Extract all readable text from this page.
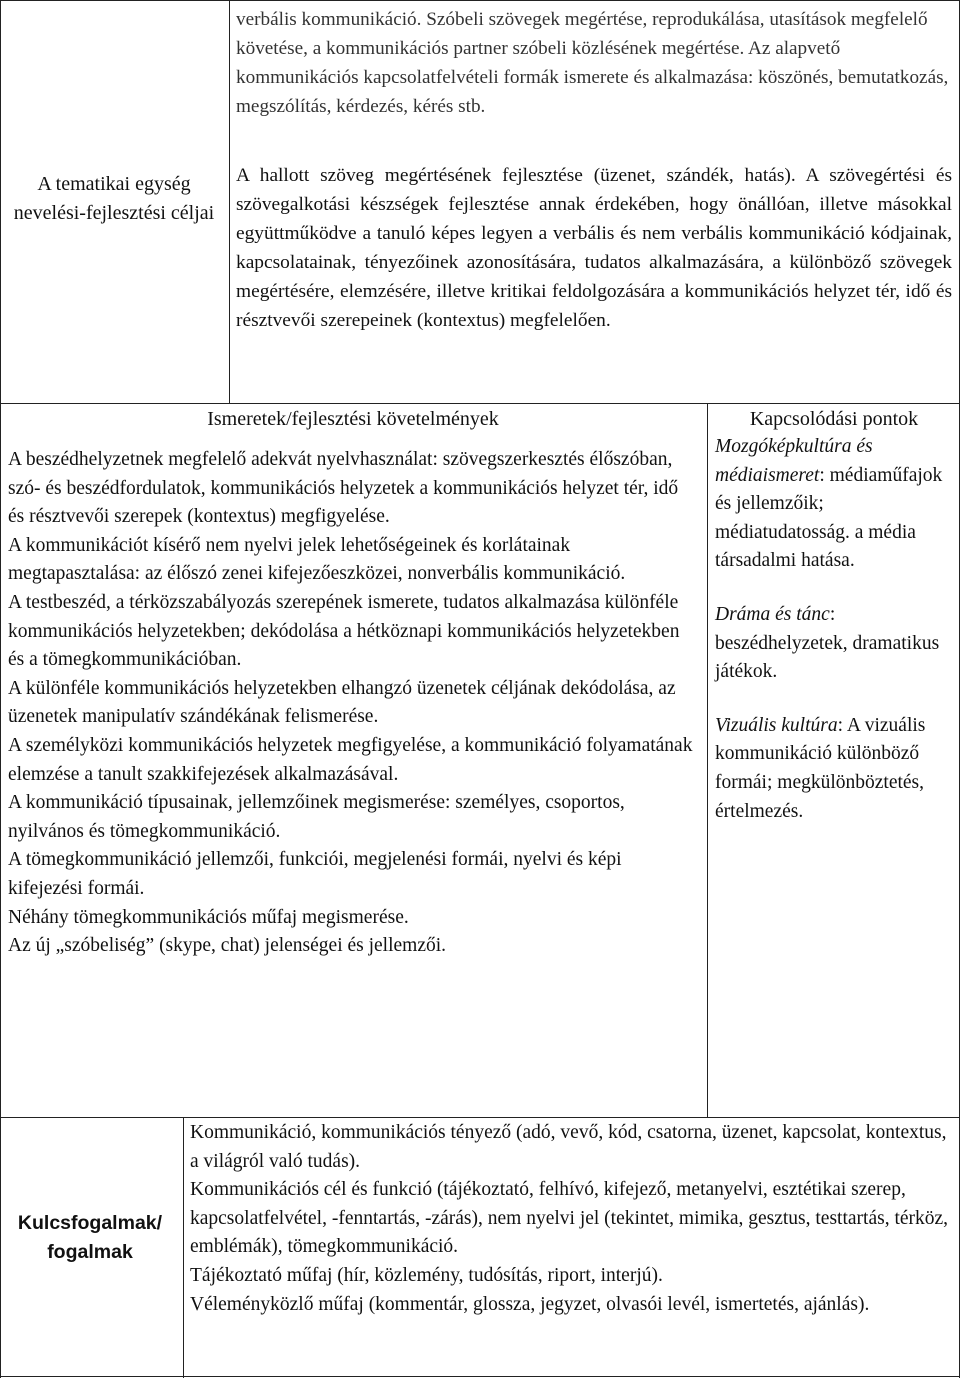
A tematikai egység nevelési-fejlesztési céljai
verbális kommunikáció. Szóbeli szövegek megértése, reprodukálása, utasítások megfelelő követése, a kommunikációs partner szóbeli közlésének megértése. Az alapvető kommunikációs kapcsolatfelvételi formák ismerete és alkalmazása: köszönés, bemutatkozás, megszólítás, kérdezés, kérés stb.
A hallott szöveg megértésének fejlesztése (üzenet, szándék, hatás). A szövegértési és szövegalkotási készségek fejlesztése annak érdekében, hogy önállóan, illetve másokkal együttműködve a tanuló képes legyen a verbális és nem verbális kommunikáció kódjainak, kapcsolatainak, tényezőinek azonosítására, tudatos alkalmazására, a különböző szövegek megértésére, elemzésére, illetve kritikai feldolgozására a kommunikációs helyzet tér, idő és résztvevői szerepeinek (kontextus) megfelelően.
Ismeretek/fejlesztési követelmények	Kapcsolódási pontok

A beszédhelyzetnek megfelelő adekvát nyelvhasználat: szövegszerkesztés élőszóban, szó- és beszédfordulatok, kommunikációs helyzetek a kommunikációs helyzet tér, idő és résztvevői szerepek (kontextus) megfigyelése.

A kommunikációt kísérő nem nyelvi jelek lehetőségeinek és korlátainak megtapasztalása: az élőszó zenei kifejezőeszközei, nonverbális kommunikáció.

A testbeszéd, a térközszabályozás szerepének ismerete, tudatos alkalmazása különféle kommunikációs helyzetekben; dekódolása a hétköznapi kommunikációs helyzetekben és a tömegkommunikációban.

A különféle kommunikációs helyzetekben elhangzó üzenetek céljának dekódolása, az üzenetek manipulatív szándékának felismerése.

A személyközi kommunikációs helyzetek megfigyelése, a kommunikáció folyamatának elemzése a tanult szakkifejezések alkalmazásával.

A kommunikáció típusainak, jellemzőinek megismerése: személyes, csoportos, nyilvános és tömegkommunikáció.

A tömegkommunikáció jellemzői, funkciói, megjelenési formái, nyelvi és képi kifejezési formái.

Néhány tömegkommunikációs műfaj megismerése.

Az új „szóbeliség” (skype, chat) jelenségei és jellemzői.

Mozgóképkultúra és médiaismeret: médiaműfajok és jellemzőik; médiatudatosság. a média társadalmi hatása.
Dráma és tánc: beszédhelyzetek, dramatikus játékok.
Vizuális kultúra: A vizuális kommunikáció különböző formái; megkülönböztetés, értelmezés.
Kulcsfogalmak/
fogalmak

Kommunikáció, kommunikációs tényező (adó, vevő, kód, csatorna, üzenet, kapcsolat, kontextus, a világról való tudás).

Kommunikációs cél és funkció (tájékoztató, felhívó, kifejező, metanyelvi, esztétikai szerep, kapcsolatfelvétel, -fenntartás, -zárás), nem nyelvi jel (tekintet, mimika, gesztus, testtartás, térköz, emblémák), tömegkommunikáció.

Tájékoztató műfaj (hír, közlemény, tudósítás, riport, interjú).

Véleményközlő műfaj (kommentár, glossza, jegyzet, olvasói levél, ismertetés, ajánlás).
